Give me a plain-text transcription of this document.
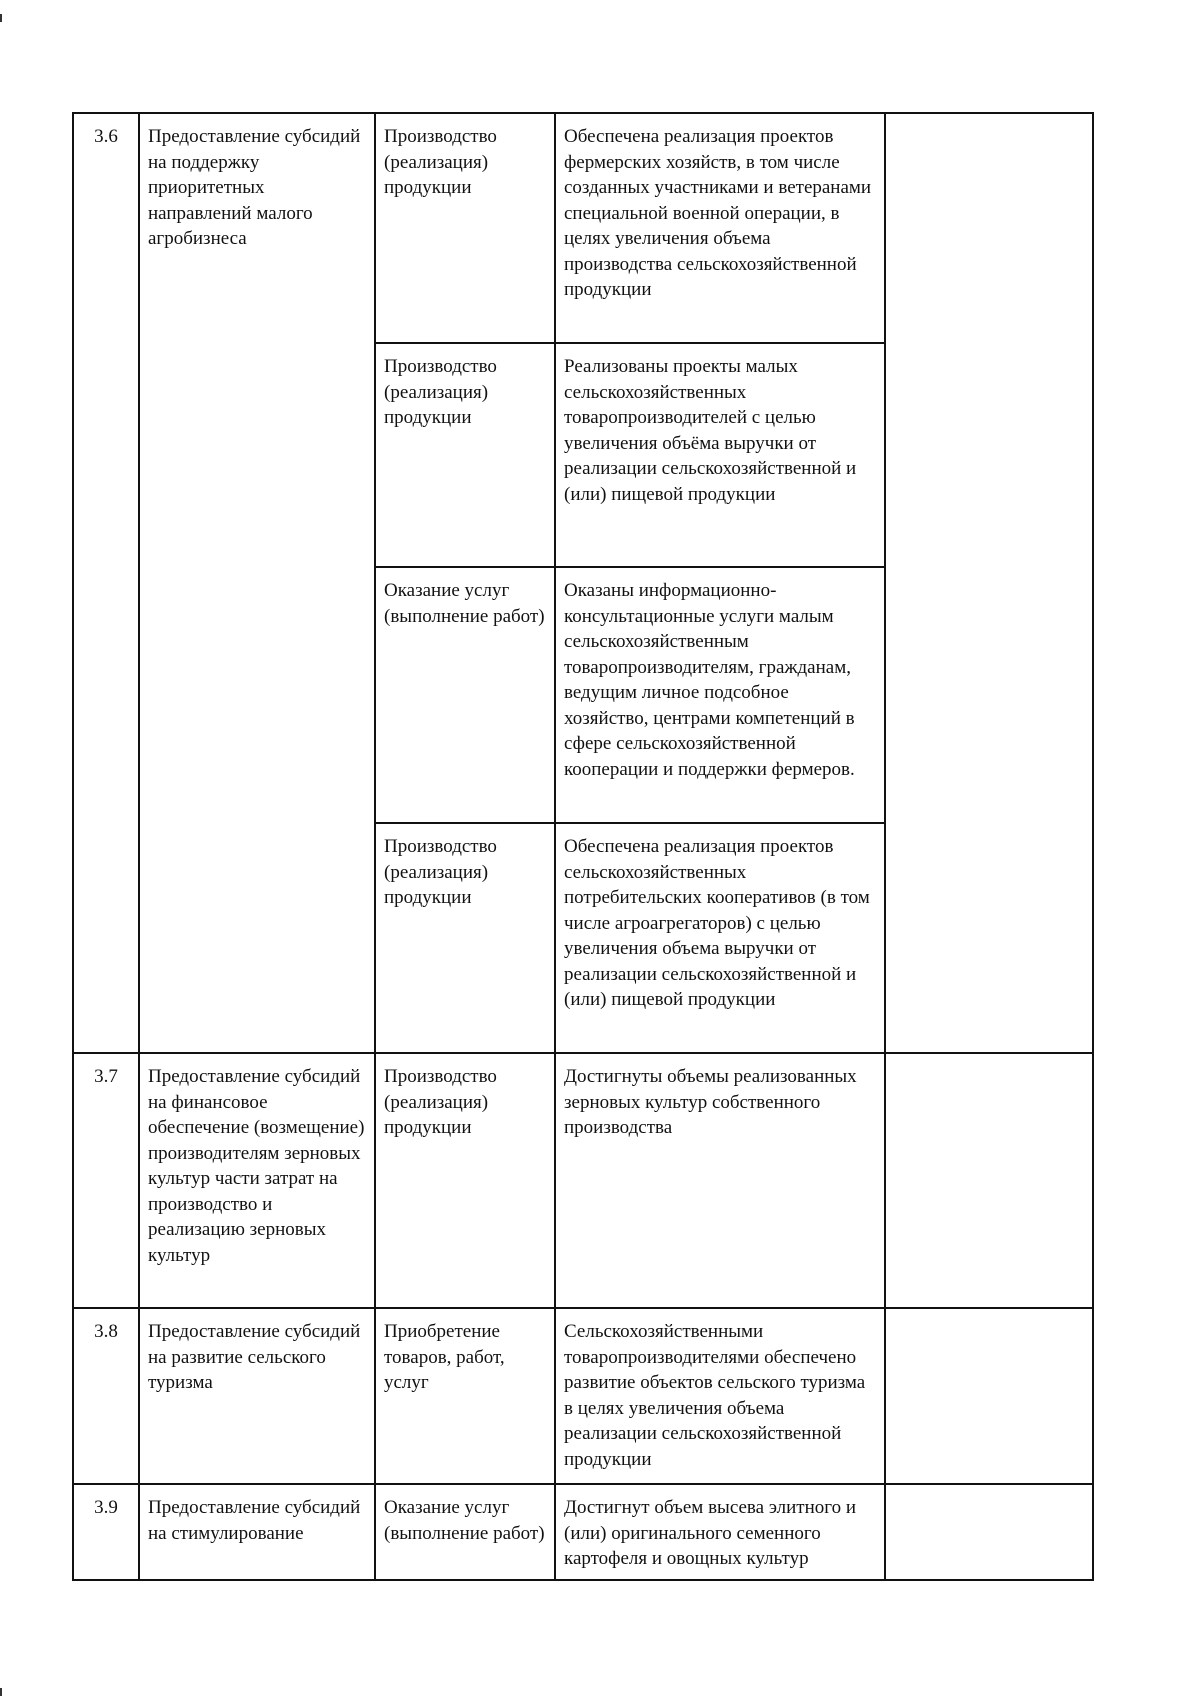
3.6	Предоставление субсидий на поддержку приоритетных направлений малого агробизнеса	Производство (реализация) продукции	Обеспечена реализация проектов фермерских хозяйств, в том числе созданных участниками и ветеранами специальной военной операции, в целях увеличения объема производства сельскохозяйственной продукции	
		Производство (реализация) продукции	Реализованы проекты малых сельскохозяйственных товаропроизводителей с целью увеличения объёма выручки от реализации сельскохозяйственной и (или) пищевой продукции	
		Оказание услуг (выполнение работ)	Оказаны информационно-консультационные услуги малым сельскохозяйственным товаропроизводителям, гражданам, ведущим личное подсобное хозяйство, центрами компетенций в сфере сельскохозяйственной кооперации и поддержки фермеров.	
		Производство (реализация) продукции	Обеспечена реализация проектов сельскохозяйственных потребительских кооперативов (в том числе агроагрегаторов) с целью увеличения объема выручки от реализации сельскохозяйственной и (или) пищевой продукции	
3.7	Предоставление субсидий на финансовое обеспечение (возмещение) производителям зерновых культур части затрат на производство и реализацию зерновых культур	Производство (реализация) продукции	Достигнуты объемы реализованных зерновых культур собственного производства	
3.8	Предоставление субсидий на развитие сельского туризма	Приобретение товаров, работ, услуг	Сельскохозяйственными товаропроизводителями обеспечено развитие объектов сельского туризма в целях увеличения объема реализации сельскохозяйственной продукции	
3.9	Предоставление субсидий на стимулирование	Оказание услуг (выполнение работ)	Достигнут объем высева элитного и (или) оригинального семенного картофеля и овощных культур	
